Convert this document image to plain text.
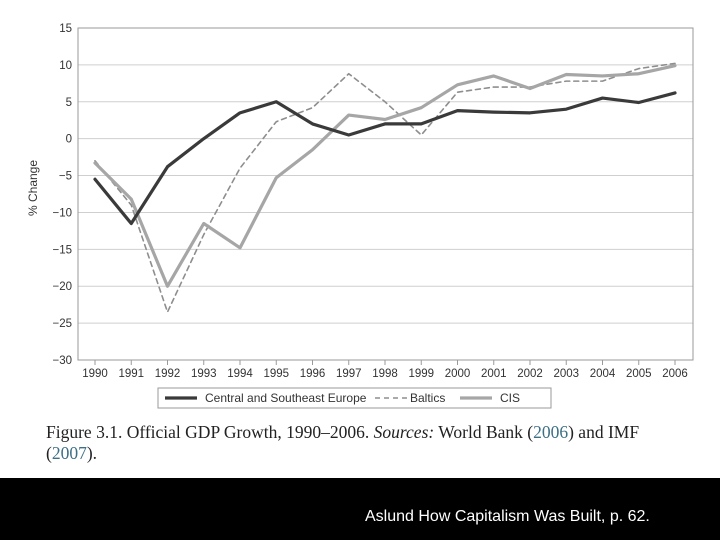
15
10
5
0
−5
−10
−15
−20
−25
−30
1990 1991 1992 1993 1994 1995 1996 1997 1998 1999 2000 2001 2002 2003 2004 2005 2006
% Change
Central and Southeast Europe	Baltics	CIS

Figure 3.1. Official GDP Growth, 1990–2006. Sources: World Bank (2006) and IMF (2007).

Aslund How Capitalism Was Built, p. 62.
